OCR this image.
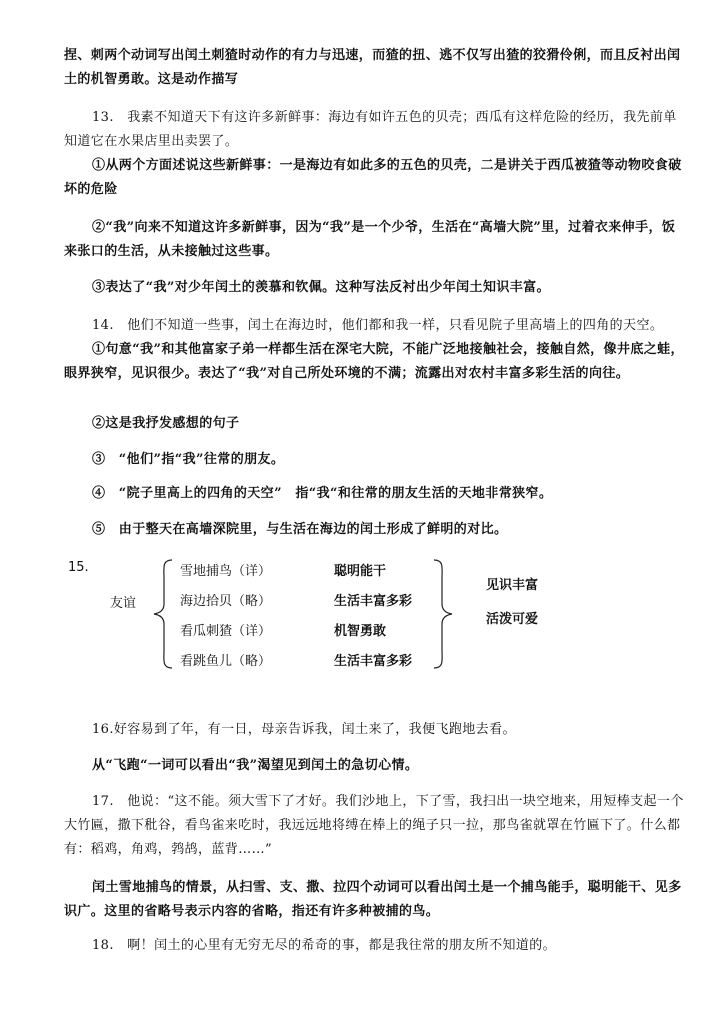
捏、刺两个动词写出闰土刺猹时动作的有力与迅速，而猹的扭、逃不仅写出猹的狡猾伶俐，而且反衬出闰土的机智勇敢。这是动作描写
13.　我素不知道天下有这许多新鲜事：海边有如许五色的贝壳；西瓜有这样危险的经历，我先前单知道它在水果店里出卖罢了。
①从两个方面述说这些新鲜事：一是海边有如此多的五色的贝壳，二是讲关于西瓜被猹等动物咬食破坏的危险
②“我”向来不知道这许多新鲜事，因为“我”是一个少爷，生活在“高墙大院”里，过着衣来伸手，饭来张口的生活，从未接触过这些事。
③表达了“我”对少年闰土的羡慕和钦佩。这种写法反衬出少年闰土知识丰富。
14.　他们不知道一些事，闰土在海边时，他们都和我一样，只看见院子里高墙上的四角的天空。
①句意“我”和其他富家子弟一样都生活在深宅大院，不能广泛地接触社会，接触自然，像井底之蛙，眼界狭窄，见识很少。表达了“我”对自己所处环境的不满；流露出对农村丰富多彩生活的向往。
②这是我抒发感想的句子
③　“他们”指“我”往常的朋友。
④　“院子里高上的四角的天空”　指“我“和往常的朋友生活的天地非常狭窄。
⑤　由于整天在高墙深院里，与生活在海边的闰土形成了鲜明的对比。
15.
友谊
雪地捕鸟（详）
海边拾贝（略）
看瓜刺猹（详）
看跳鱼儿（略）
聪明能干
生活丰富多彩
机智勇敢
生活丰富多彩
见识丰富
活泼可爱
16.好容易到了年，有一日，母亲告诉我，闰土来了，我便飞跑地去看。
从“飞跑“一词可以看出“我”渴望见到闰土的急切心情。
17.　他说：“这不能。须大雪下了才好。我们沙地上，下了雪，我扫出一块空地来，用短棒支起一个大竹匾，撒下秕谷，看鸟雀来吃时，我远远地将缚在棒上的绳子只一拉，那鸟雀就罩在竹匾下了。什么都有：稻鸡，角鸡，鹁鸪，蓝背……”
闰土雪地捕鸟的情景，从扫雪、支、撒、拉四个动词可以看出闰土是一个捕鸟能手，聪明能干、见多识广。这里的省略号表示内容的省略，指还有许多种被捕的鸟。
18.　啊！闰土的心里有无穷无尽的希奇的事，都是我往常的朋友所不知道的。
